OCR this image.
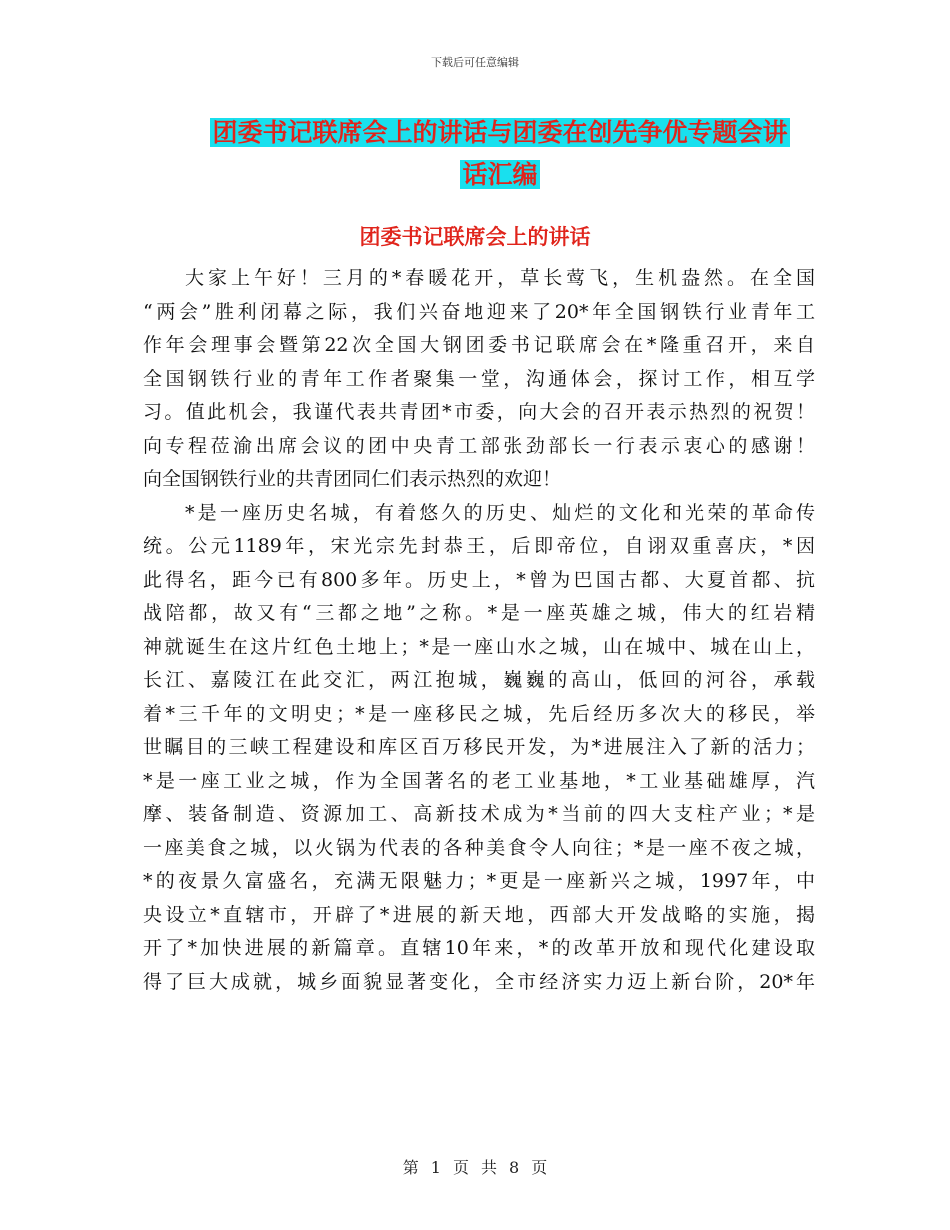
下载后可任意编辑
团委书记联席会上的讲话与团委在创先争优专题会讲
话汇编
团委书记联席会上的讲话
大家上午好！三月的*春暖花开，草长莺飞，生机盎然。在全国
“两会”胜利闭幕之际，我们兴奋地迎来了20*年全国钢铁行业青年工
作年会理事会暨第22次全国大钢团委书记联席会在*隆重召开，来自
全国钢铁行业的青年工作者聚集一堂，沟通体会，探讨工作，相互学
习。值此机会，我谨代表共青团*市委，向大会的召开表示热烈的祝贺！
向专程莅渝出席会议的团中央青工部张劲部长一行表示衷心的感谢！
向全国钢铁行业的共青团同仁们表示热烈的欢迎！
*是一座历史名城，有着悠久的历史、灿烂的文化和光荣的革命传
统。公元1189年，宋光宗先封恭王，后即帝位，自诩双重喜庆，*因
此得名，距今已有800多年。历史上，*曾为巴国古都、大夏首都、抗
战陪都，故又有“三都之地”之称。*是一座英雄之城，伟大的红岩精
神就诞生在这片红色土地上；*是一座山水之城，山在城中、城在山上，
长江、嘉陵江在此交汇，两江抱城，巍巍的高山，低回的河谷，承载
着*三千年的文明史；*是一座移民之城，先后经历多次大的移民，举
世瞩目的三峡工程建设和库区百万移民开发，为*进展注入了新的活力；
*是一座工业之城，作为全国著名的老工业基地，*工业基础雄厚，汽
摩、装备制造、资源加工、高新技术成为*当前的四大支柱产业；*是
一座美食之城，以火锅为代表的各种美食令人向往；*是一座不夜之城，
*的夜景久富盛名，充满无限魅力；*更是一座新兴之城，1997年，中
央设立*直辖市，开辟了*进展的新天地，西部大开发战略的实施，揭
开了*加快进展的新篇章。直辖10年来，*的改革开放和现代化建设取
得了巨大成就，城乡面貌显著变化，全市经济实力迈上新台阶，20*年
第 1 页 共 8 页
